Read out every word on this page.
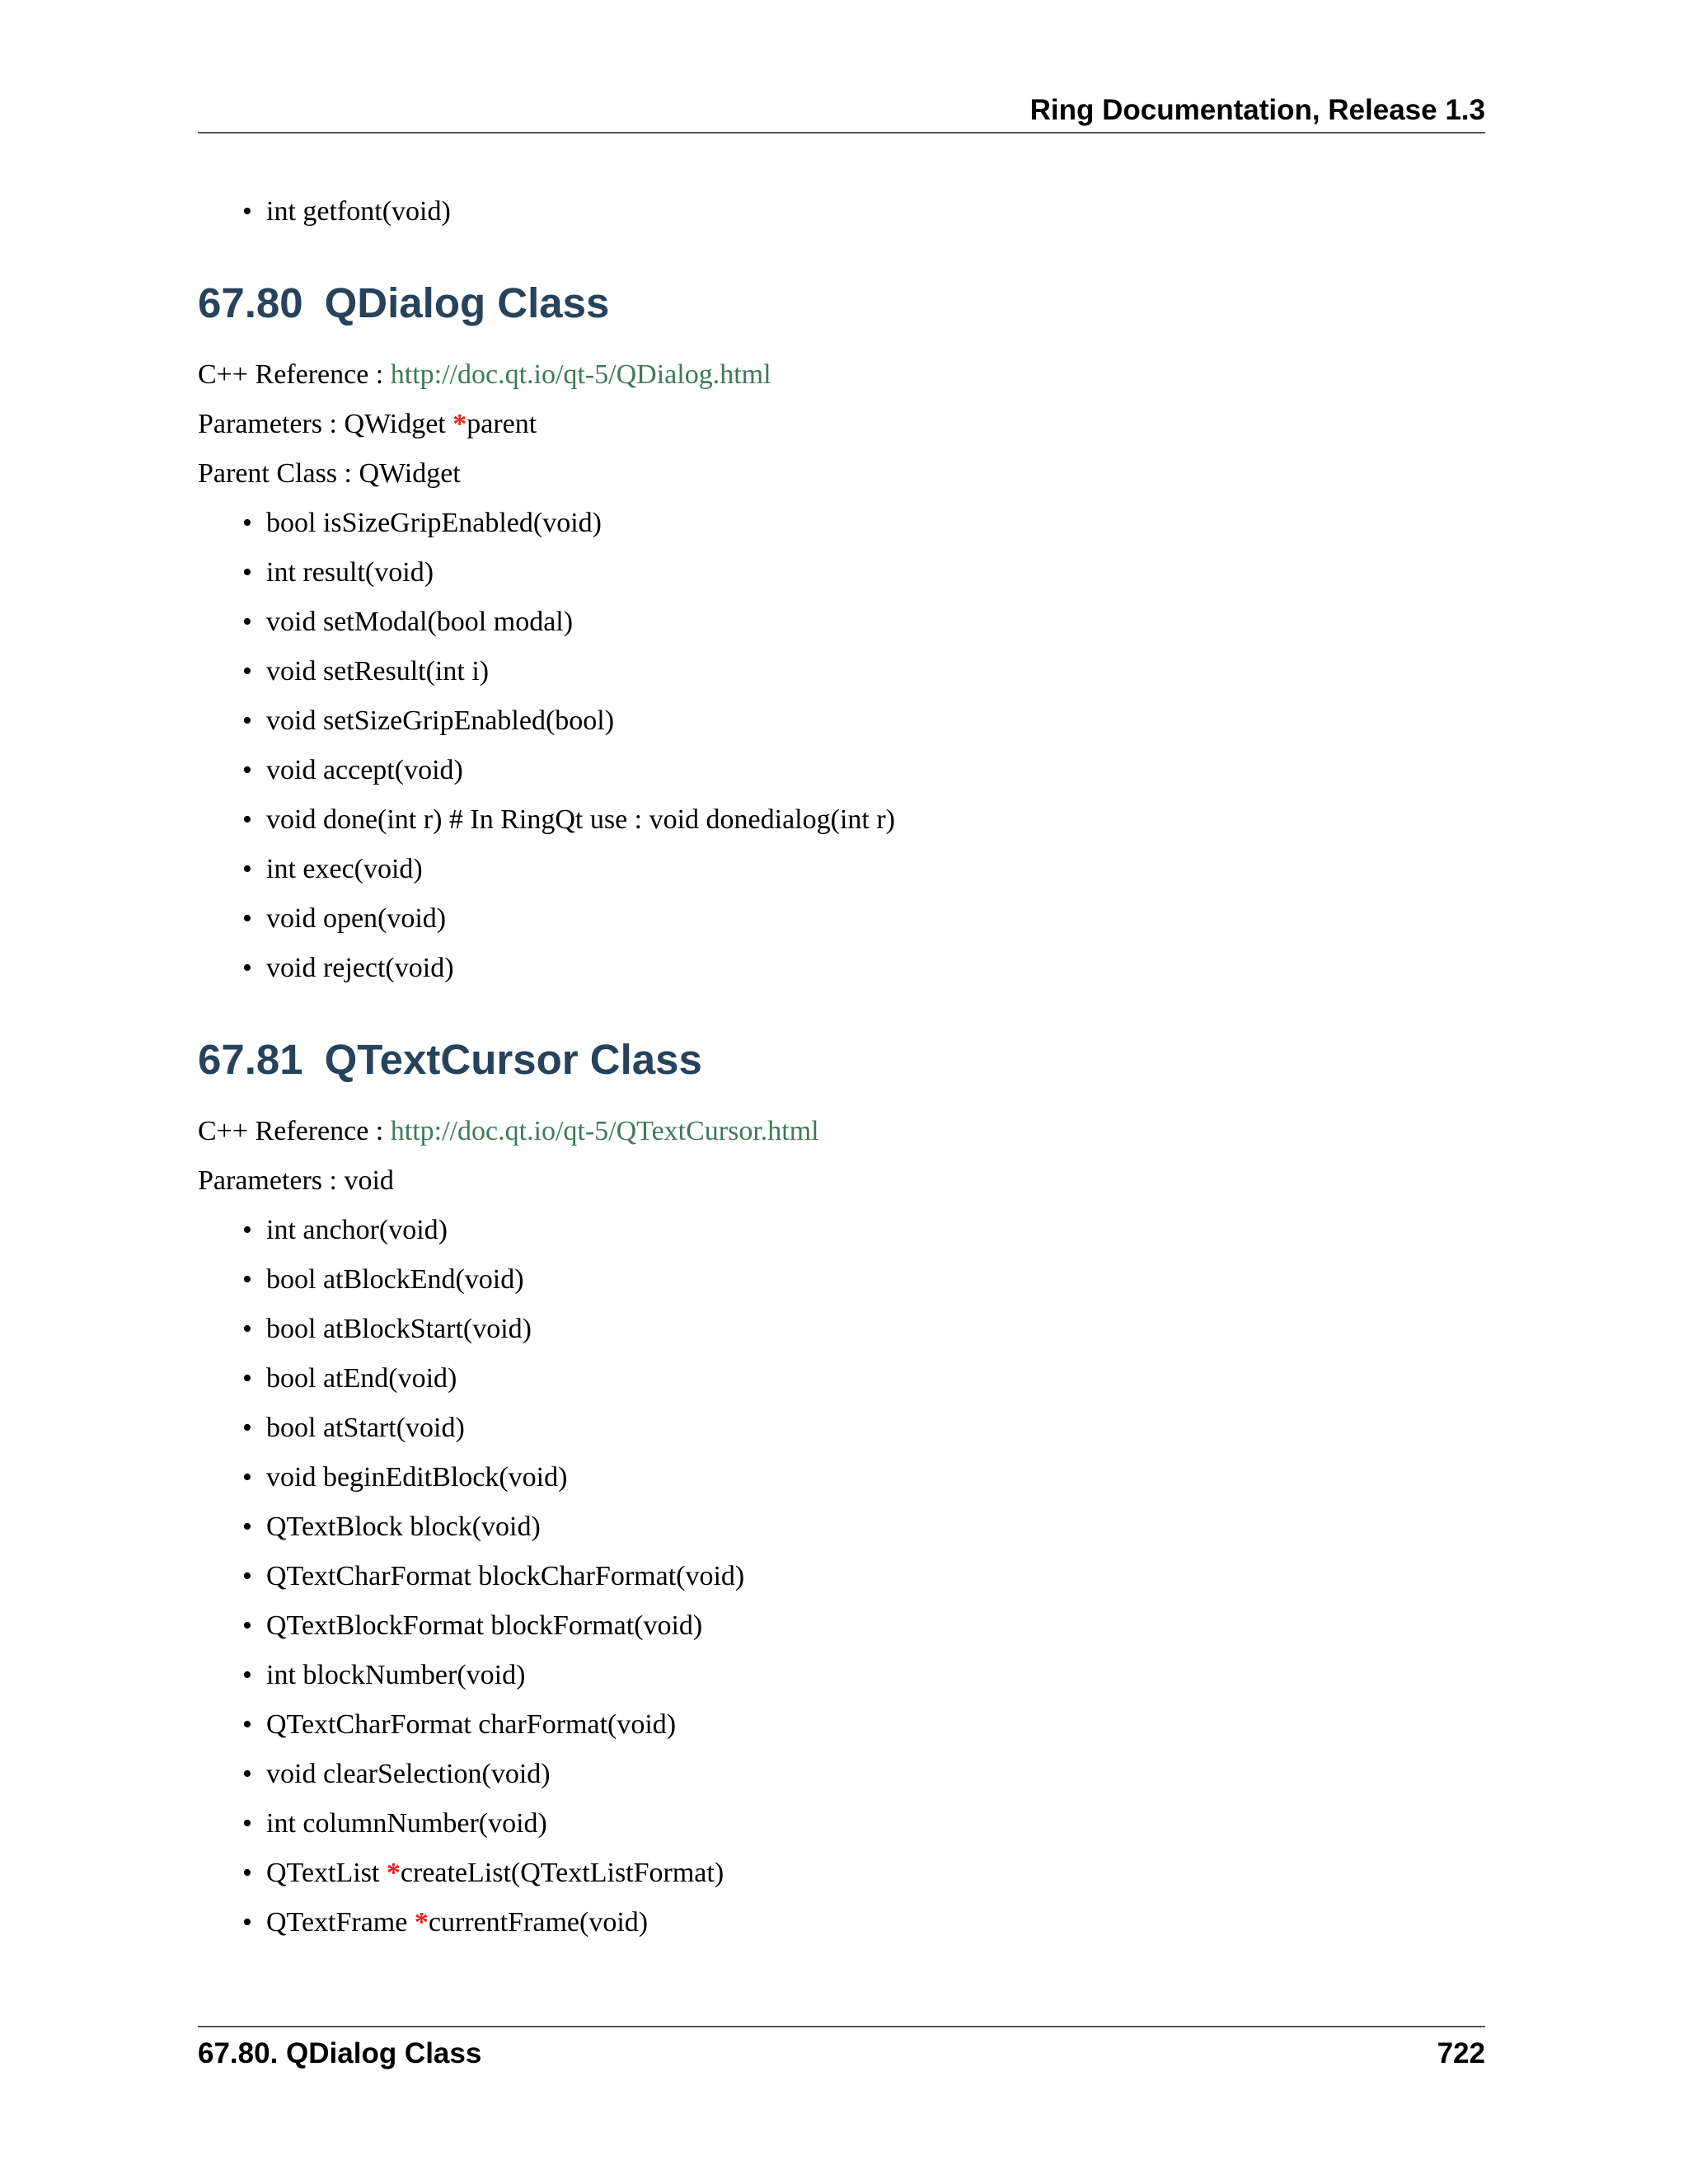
Ring Documentation, Release 1.3
• int getfont(void)
67.80 QDialog Class
C++ Reference : http://doc.qt.io/qt-5/QDialog.html
Parameters : QWidget *parent
Parent Class : QWidget
• bool isSizeGripEnabled(void)
• int result(void)
• void setModal(bool modal)
• void setResult(int i)
• void setSizeGripEnabled(bool)
• void accept(void)
• void done(int r) # In RingQt use : void donedialog(int r)
• int exec(void)
• void open(void)
• void reject(void)
67.81 QTextCursor Class
C++ Reference : http://doc.qt.io/qt-5/QTextCursor.html
Parameters : void
• int anchor(void)
• bool atBlockEnd(void)
• bool atBlockStart(void)
• bool atEnd(void)
• bool atStart(void)
• void beginEditBlock(void)
• QTextBlock block(void)
• QTextCharFormat blockCharFormat(void)
• QTextBlockFormat blockFormat(void)
• int blockNumber(void)
• QTextCharFormat charFormat(void)
• void clearSelection(void)
• int columnNumber(void)
• QTextList *createList(QTextListFormat)
• QTextFrame *currentFrame(void)
67.80. QDialog Class	722
